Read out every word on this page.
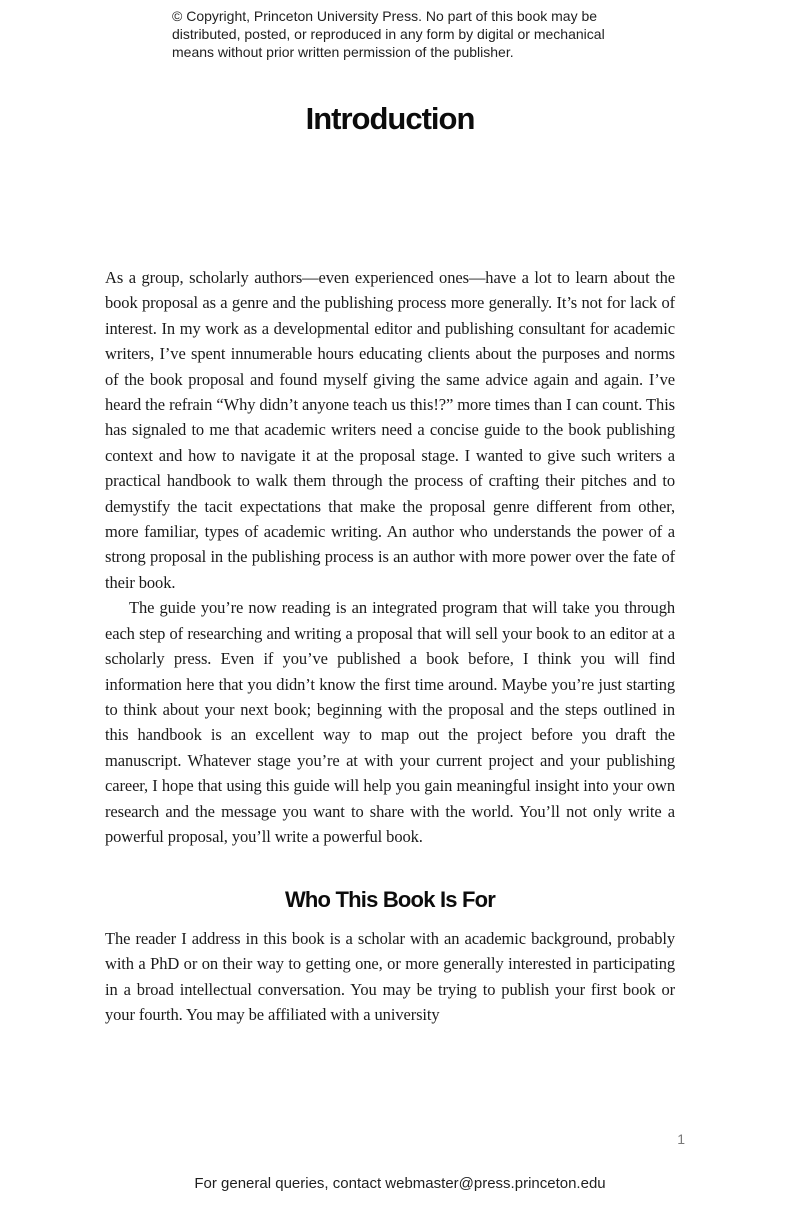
© Copyright, Princeton University Press. No part of this book may be
distributed, posted, or reproduced in any form by digital or mechanical
means without prior written permission of the publisher.
Introduction

As a group, scholarly authors—even experienced ones—have a lot to learn about the book proposal as a genre and the publishing process more generally. It’s not for lack of interest. In my work as a developmental editor and publishing consultant for academic writers, I’ve spent innumerable hours educating clients about the purposes and norms of the book proposal and found myself giving the same advice again and again. I’ve heard the refrain “Why didn’t anyone teach us this!?” more times than I can count. This has signaled to me that academic writers need a concise guide to the book publishing context and how to navigate it at the proposal stage. I wanted to give such writers a practical handbook to walk them through the process of crafting their pitches and to demystify the tacit expectations that make the proposal genre different from other, more familiar, types of academic writing. An author who understands the power of a strong proposal in the publishing process is an author with more power over the fate of their book.

The guide you’re now reading is an integrated program that will take you through each step of researching and writing a proposal that will sell your book to an editor at a scholarly press. Even if you’ve published a book before, I think you will find information here that you didn’t know the first time around. Maybe you’re just starting to think about your next book; beginning with the proposal and the steps outlined in this handbook is an excellent way to map out the project before you draft the manuscript. Whatever stage you’re at with your current project and your publishing career, I hope that using this guide will help you gain meaningful insight into your own research and the message you want to share with the world. You’ll not only write a powerful proposal, you’ll write a powerful book.

Who This Book Is For

The reader I address in this book is a scholar with an academic background, probably with a PhD or on their way to getting one, or more generally interested in participating in a broad intellectual conversation. You may be trying to publish your first book or your fourth. You may be affiliated with a university

1
For general queries, contact webmaster@press.princeton.edu
